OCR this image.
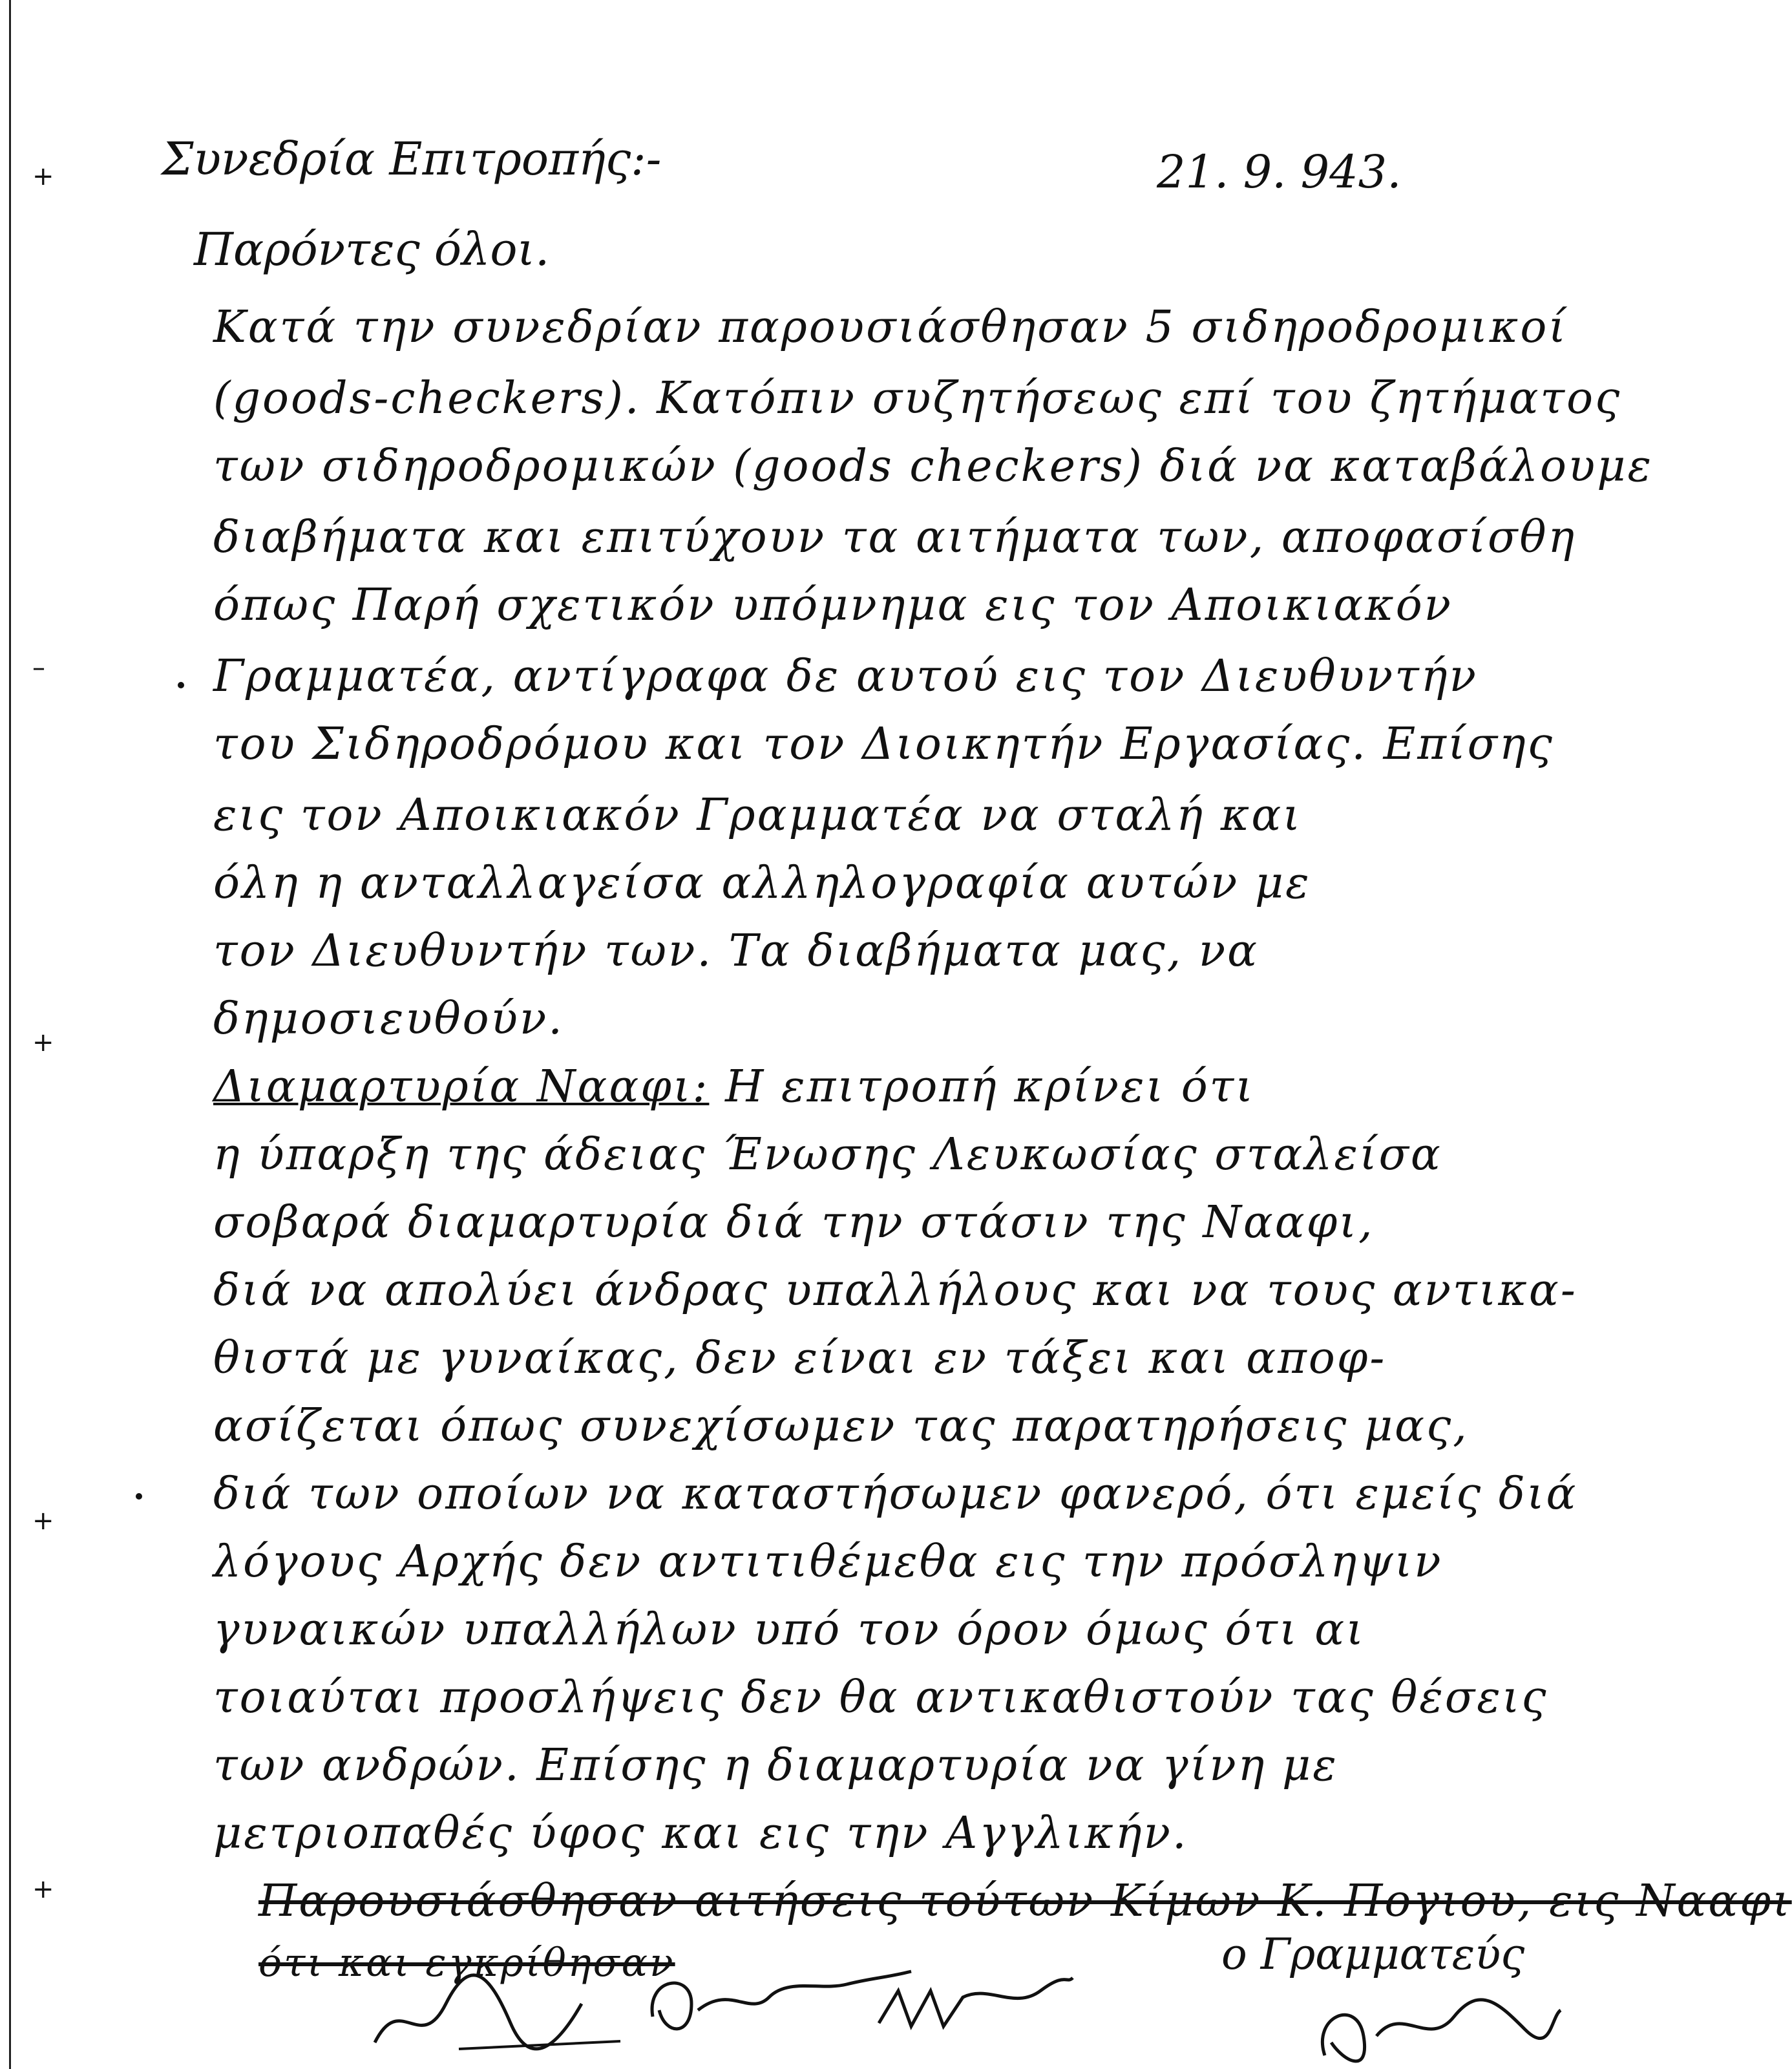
+
–
+
+
+
Συνεδρία Επιτροπής:-	21. 9. 943.
Παρόντες όλοι.
Κατά την συνεδρίαν παρουσιάσθησαν 5 σιδηροδρομικοί
(goods-checkers). Κατόπιν συζητήσεως επί του ζητήματος
των σιδηροδρομικών (goods checkers) διά να καταβάλουμε
διαβήματα και επιτύχουν τα αιτήματα των, αποφασίσθη
όπως Παρή σχετικόν υπόμνημα εις τον Αποικιακόν
Γραμματέα, αντίγραφα δε αυτού εις τον Διευθυντήν
του Σιδηροδρόμου και τον Διοικητήν Εργασίας. Επίσης
εις τον Αποικιακόν Γραμματέα να σταλή και
όλη η ανταλλαγείσα αλληλογραφία αυτών με
τον Διευθυντήν των. Τα διαβήματα μας, να
δημοσιευθούν.
Διαμαρτυρία Νααφι: Η επιτροπή κρίνει ότι
η ύπαρξη της άδειας Ένωσης Λευκωσίας σταλείσα
σοβαρά διαμαρτυρία διά την στάσιν της Νααφι,
διά να απολύει άνδρας υπαλλήλους και να τους αντικα-
θιστά με γυναίκας, δεν είναι εν τάξει και αποφ-
ασίζεται όπως συνεχίσωμεν τας παρατηρήσεις μας,
διά των οποίων να καταστήσωμεν φανερό, ότι εμείς διά
λόγους Αρχής δεν αντιτιθέμεθα εις την πρόσληψιν
γυναικών υπαλλήλων υπό τον όρον όμως ότι αι
τοιαύται προσλήψεις δεν θα αντικαθιστούν τας θέσεις
των ανδρών. Επίσης η διαμαρτυρία να γίνη με
μετριοπαθές ύφος και εις την Αγγλικήν.
Παρουσιάσθησαν αιτήσεις τούτων Κίμων Κ. Πογιου, εις Νααφι
ότι και εγκρίθησαν	ο Γραμματεύς
